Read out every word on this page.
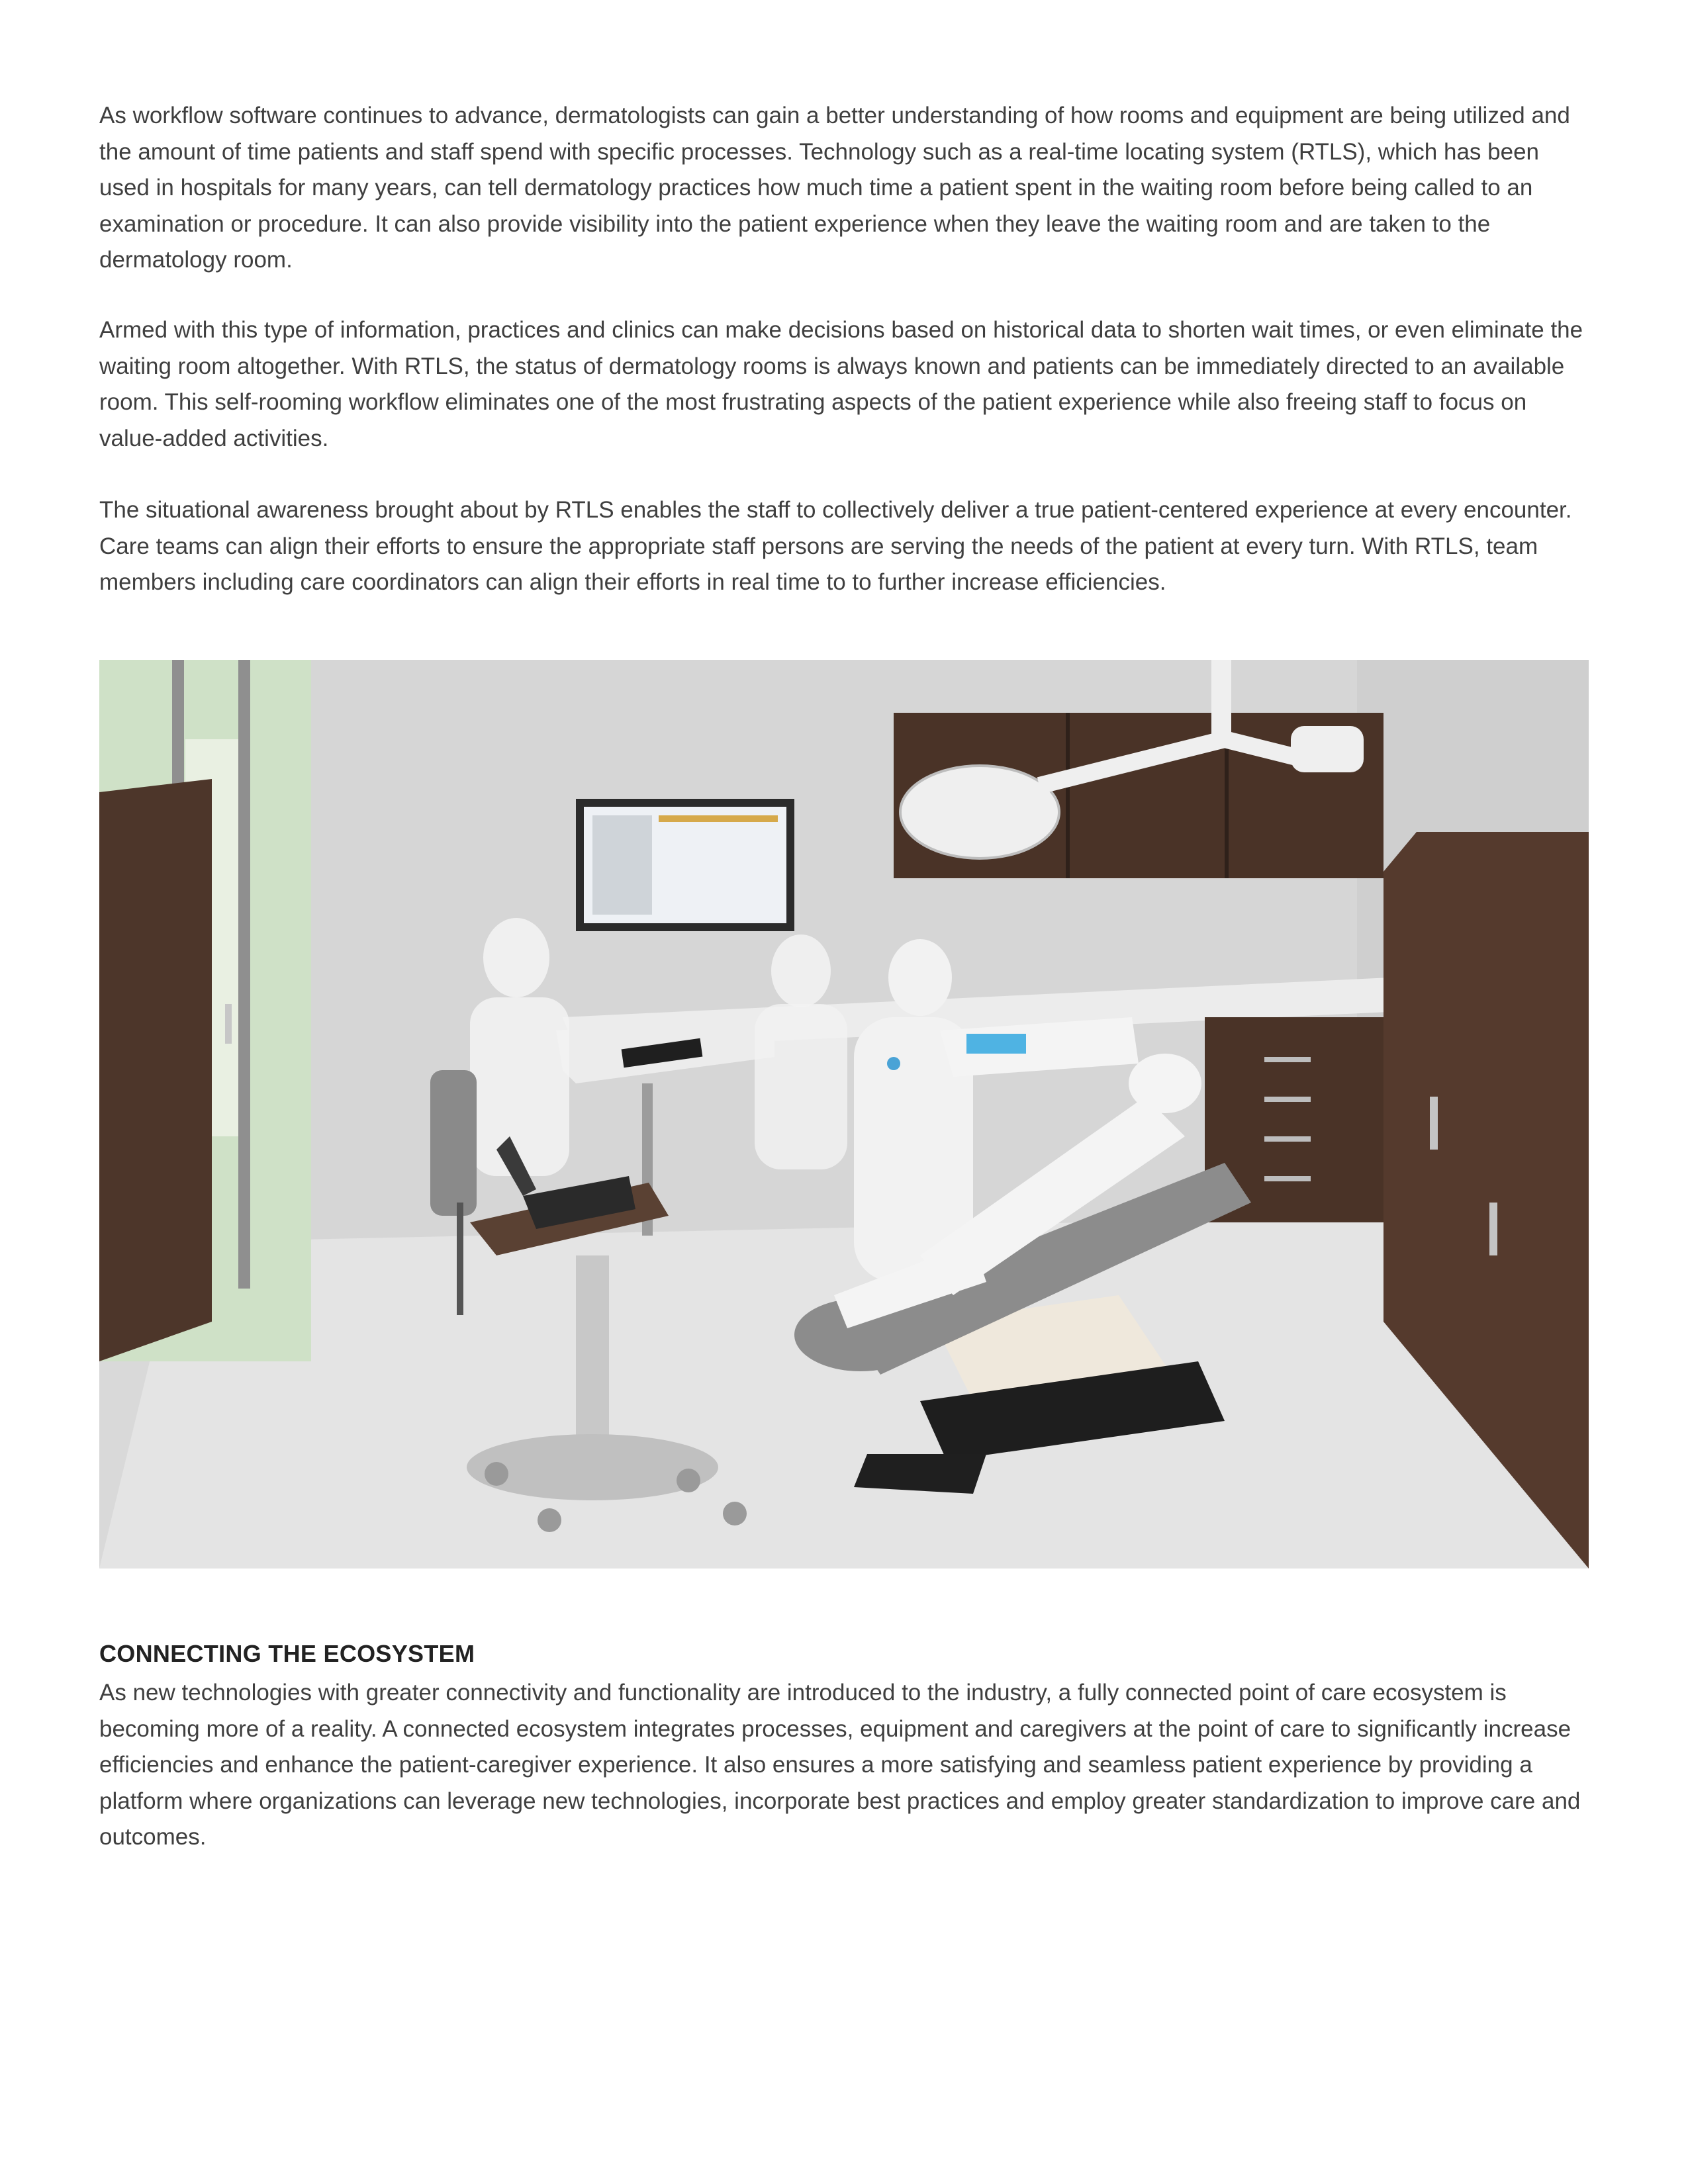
As workflow software continues to advance, dermatologists can gain a better understanding of how rooms and equipment are being utilized and the amount of time patients and staff spend with specific processes. Technology such as a real-time locating system (RTLS), which has been used in hospitals for many years, can tell dermatology practices how much time a patient spent in the waiting room before being called to an examination or procedure. It can also provide visibility into the patient experience when they leave the waiting room and are taken to the dermatology room.

Armed with this type of information, practices and clinics can make decisions based on historical data to shorten wait times, or even eliminate the waiting room altogether. With RTLS, the status of dermatology rooms is always known and patients can be immediately directed to an available room. This self-rooming workflow eliminates one of the most frustrating aspects of the patient experience while also freeing staff to focus on value-added activities.

The situational awareness brought about by RTLS enables the staff to collectively deliver a true patient-centered experience at every encounter. Care teams can align their efforts to ensure the appropriate staff persons are serving the needs of the patient at every turn. With RTLS, team members including care coordinators can align their efforts in real time to to further increase efficiencies.

CONNECTING THE ECOSYSTEM

As new technologies with greater connectivity and functionality are introduced to the industry, a fully connected point of care ecosystem is becoming more of a reality. A connected ecosystem integrates processes, equipment and caregivers at the point of care to significantly increase efficiencies and enhance the patient-caregiver experience. It also ensures a more satisfying and seamless patient experience by providing a platform where organizations can leverage new technologies, incorporate best practices and employ greater standardization to improve care and outcomes.
